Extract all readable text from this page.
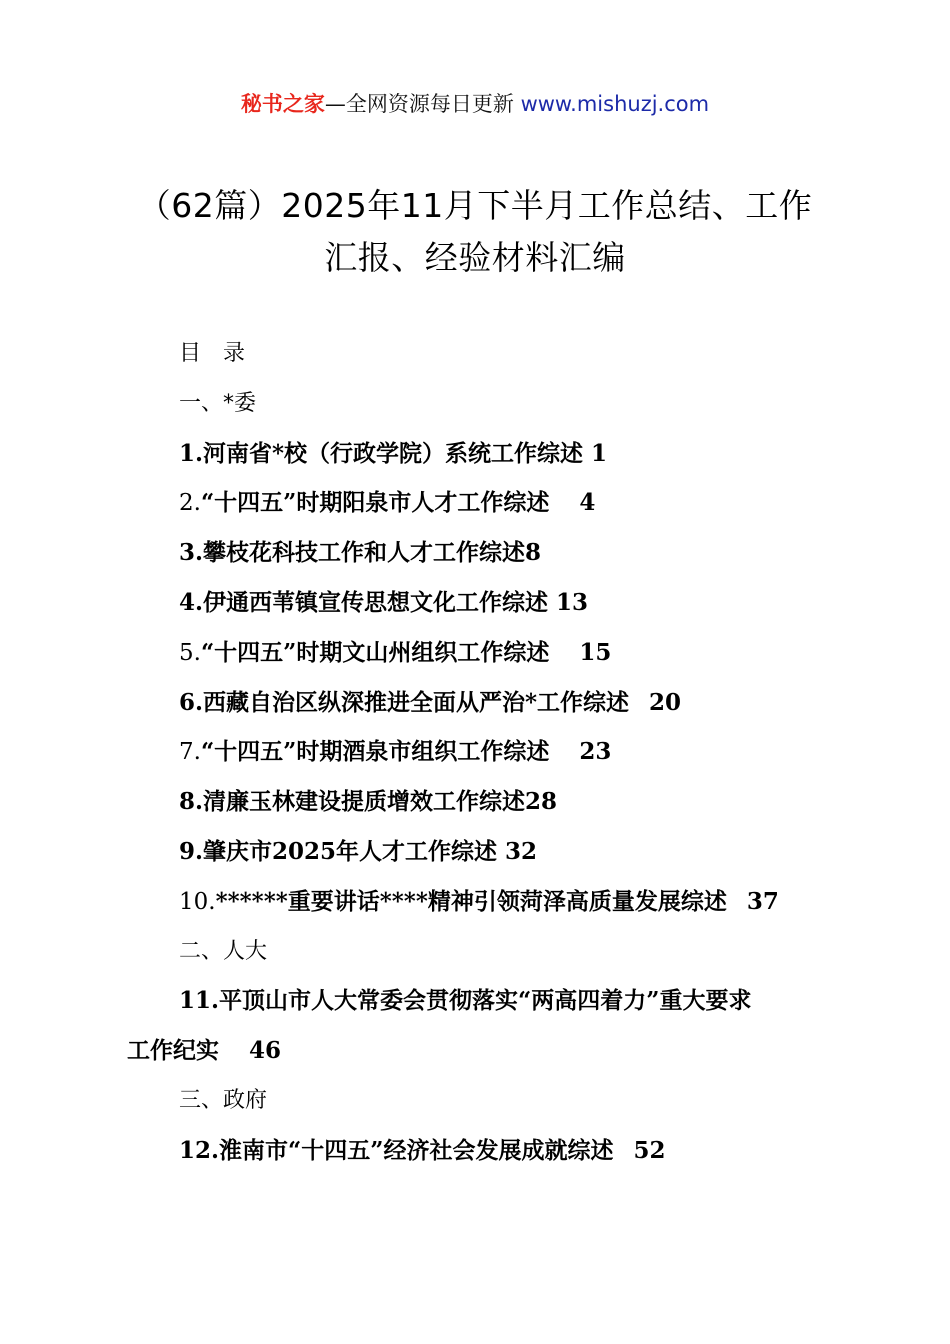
秘书之家—全网资源每日更新 www.mishuzj.com
（62篇）2025年11月下半月工作总结、工作
汇报、经验材料汇编
目　录
一、*委
1.河南省*校（行政学院）系统工作综述 1
2.“十四五”时期阳泉市人才工作综述 4
3.攀枝花科技工作和人才工作综述8
4.伊通西苇镇宣传思想文化工作综述 13
5.“十四五”时期文山州组织工作综述 15
6.西藏自治区纵深推进全面从严治*工作综述 20
7.“十四五”时期酒泉市组织工作综述 23
8.清廉玉林建设提质增效工作综述28
9.肇庆市2025年人才工作综述 32
10.******重要讲话****精神引领菏泽高质量发展综述 37
二、人大
11.平顶山市人大常委会贯彻落实“两高四着力”重大要求
工作纪实 46
三、政府
12.淮南市“十四五”经济社会发展成就综述 52
